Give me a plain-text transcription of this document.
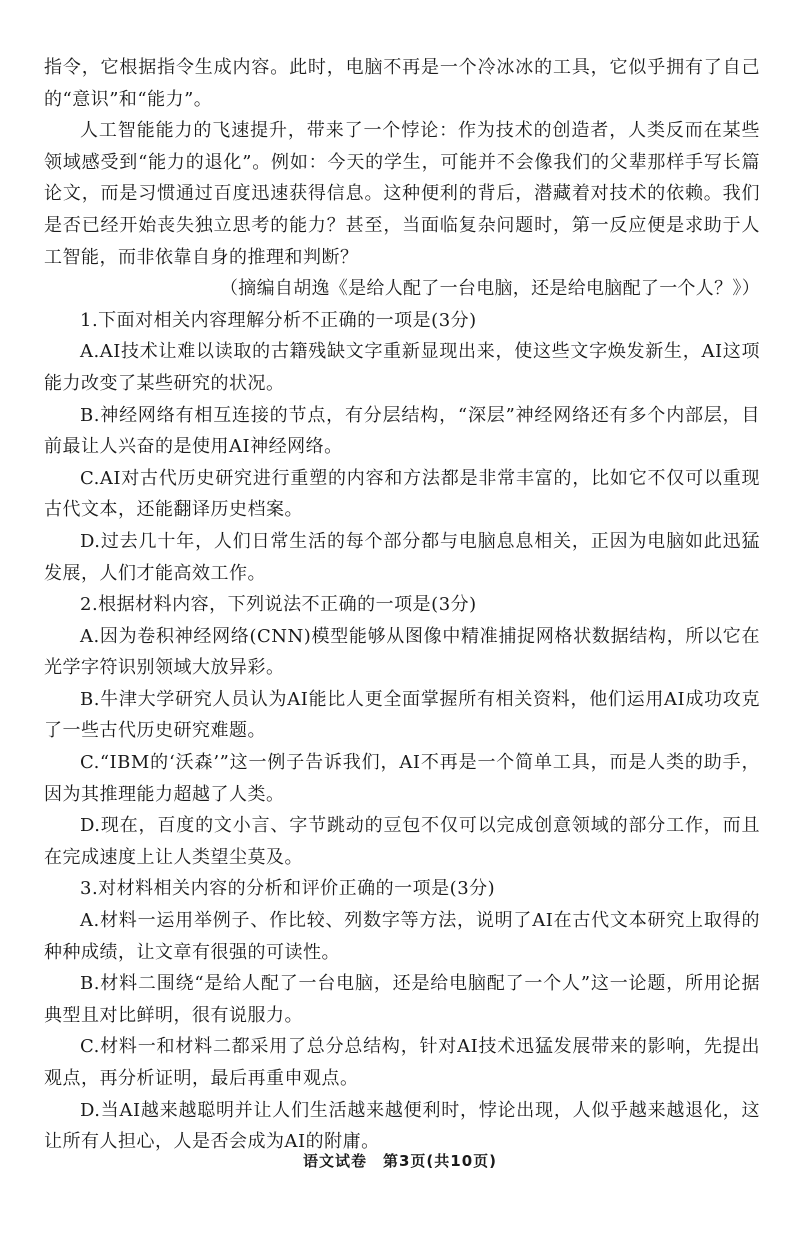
指令，它根据指令生成内容。此时，电脑不再是一个冷冰冰的工具，它似乎拥有了自己的“意识”和“能力”。

人工智能能力的飞速提升，带来了一个悖论：作为技术的创造者，人类反而在某些领域感受到“能力的退化”。例如：今天的学生，可能并不会像我们的父辈那样手写长篇论文，而是习惯通过百度迅速获得信息。这种便利的背后，潜藏着对技术的依赖。我们是否已经开始丧失独立思考的能力？甚至，当面临复杂问题时，第一反应便是求助于人工智能，而非依靠自身的推理和判断？

（摘编自胡逸《是给人配了一台电脑，还是给电脑配了一个人？》）

1.下面对相关内容理解分析不正确的一项是(3分)

A.AI技术让难以读取的古籍残缺文字重新显现出来，使这些文字焕发新生，AI这项能力改变了某些研究的状况。

B.神经网络有相互连接的节点，有分层结构，“深层”神经网络还有多个内部层，目前最让人兴奋的是使用AI神经网络。

C.AI对古代历史研究进行重塑的内容和方法都是非常丰富的，比如它不仅可以重现古代文本，还能翻译历史档案。

D.过去几十年，人们日常生活的每个部分都与电脑息息相关，正因为电脑如此迅猛发展，人们才能高效工作。

2.根据材料内容，下列说法不正确的一项是(3分)

A.因为卷积神经网络(CNN)模型能够从图像中精准捕捉网格状数据结构，所以它在光学字符识别领域大放异彩。

B.牛津大学研究人员认为AI能比人更全面掌握所有相关资料，他们运用AI成功攻克了一些古代历史研究难题。

C.“IBM的‘沃森’”这一例子告诉我们，AI不再是一个简单工具，而是人类的助手，因为其推理能力超越了人类。

D.现在，百度的文小言、字节跳动的豆包不仅可以完成创意领域的部分工作，而且在完成速度上让人类望尘莫及。

3.对材料相关内容的分析和评价正确的一项是(3分)

A.材料一运用举例子、作比较、列数字等方法，说明了AI在古代文本研究上取得的种种成绩，让文章有很强的可读性。

B.材料二围绕“是给人配了一台电脑，还是给电脑配了一个人”这一论题，所用论据典型且对比鲜明，很有说服力。

C.材料一和材料二都采用了总分总结构，针对AI技术迅猛发展带来的影响，先提出观点，再分析证明，最后再重申观点。

D.当AI越来越聪明并让人们生活越来越便利时，悖论出现，人似乎越来越退化，这让所有人担心，人是否会成为AI的附庸。

语文试卷　第3页(共10页)
